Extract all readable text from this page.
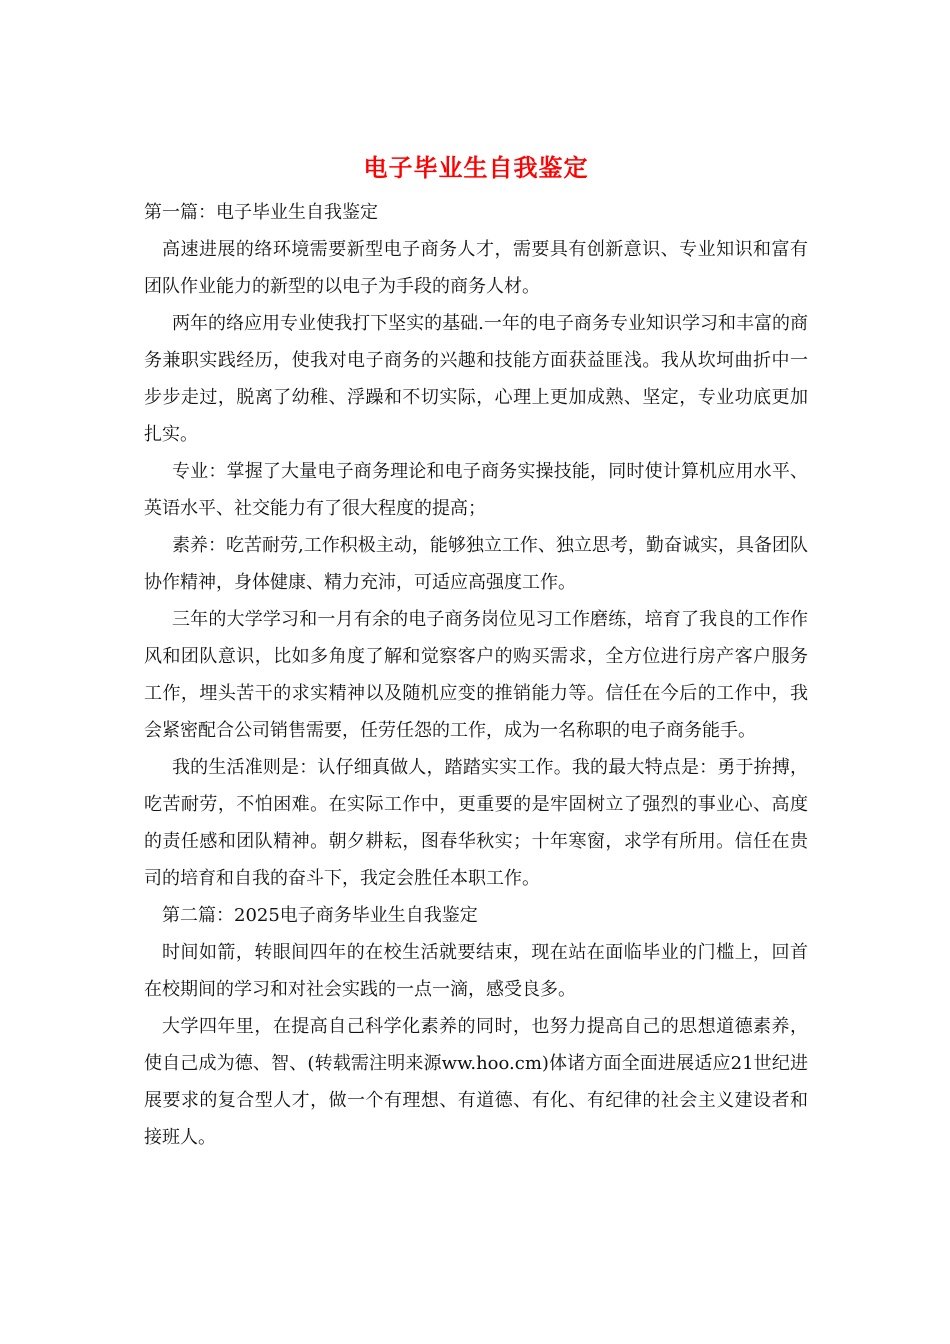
电子毕业生自我鉴定

第一篇：电子毕业生自我鉴定

高速进展的络环境需要新型电子商务人才，需要具有创新意识、专业知识和富有团队作业能力的新型的以电子为手段的商务人材。

两年的络应用专业使我打下坚实的基础.一年的电子商务专业知识学习和丰富的商务兼职实践经历，使我对电子商务的兴趣和技能方面获益匪浅。我从坎坷曲折中一步步走过，脱离了幼稚、浮躁和不切实际，心理上更加成熟、坚定，专业功底更加扎实。

专业：掌握了大量电子商务理论和电子商务实操技能，同时使计算机应用水平、英语水平、社交能力有了很大程度的提高；

素养：吃苦耐劳,工作积极主动，能够独立工作、独立思考，勤奋诚实，具备团队协作精神，身体健康、精力充沛，可适应高强度工作。

三年的大学学习和一月有余的电子商务岗位见习工作磨练，培育了我良的工作作风和团队意识，比如多角度了解和觉察客户的购买需求，全方位进行房产客户服务工作，埋头苦干的求实精神以及随机应变的推销能力等。信任在今后的工作中，我会紧密配合公司销售需要，任劳任怨的工作，成为一名称职的电子商务能手。

我的生活准则是：认仔细真做人，踏踏实实工作。我的最大特点是：勇于拚搏，吃苦耐劳，不怕困难。在实际工作中，更重要的是牢固树立了强烈的事业心、高度的责任感和团队精神。朝夕耕耘，图春华秋实；十年寒窗，求学有所用。信任在贵司的培育和自我的奋斗下，我定会胜任本职工作。

第二篇：2025电子商务毕业生自我鉴定

时间如箭，转眼间四年的在校生活就要结束，现在站在面临毕业的门槛上，回首在校期间的学习和对社会实践的一点一滴，感受良多。

大学四年里，在提高自己科学化素养的同时，也努力提高自己的思想道德素养，使自己成为德、智、(转载需注明来源ww.hoo.cm)体诸方面全面进展适应21世纪进展要求的复合型人才，做一个有理想、有道德、有化、有纪律的社会主义建设者和接班人。
